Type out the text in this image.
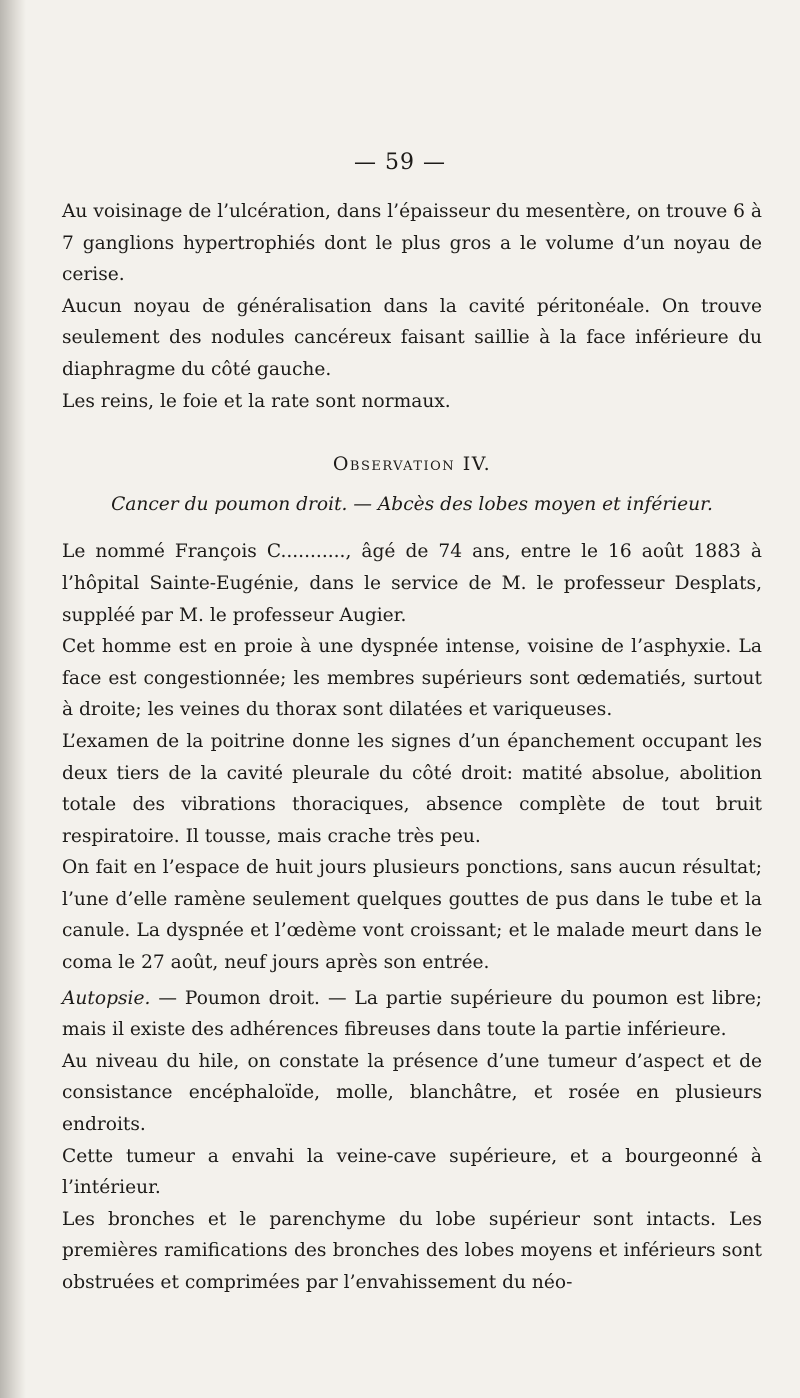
— 59 —

Au voisinage de l’ulcération, dans l’épaisseur du mesentère, on trouve 6 à 7 ganglions hypertrophiés dont le plus gros a le volume d’un noyau de cerise.

Aucun noyau de généralisation dans la cavité péritonéale. On trouve seulement des nodules cancéreux faisant saillie à la face inférieure du diaphragme du côté gauche.

Les reins, le foie et la rate sont normaux.

Observation IV.

Cancer du poumon droit. — Abcès des lobes moyen et inférieur.

Le nommé François C..........., âgé de 74 ans, entre le 16 août 1883 à l’hôpital Sainte-Eugénie, dans le service de M. le professeur Desplats, suppléé par M. le professeur Augier.

Cet homme est en proie à une dyspnée intense, voisine de l’asphyxie. La face est congestionnée; les membres supérieurs sont œdematiés, surtout à droite; les veines du thorax sont dilatées et variqueuses.

L’examen de la poitrine donne les signes d’un épanchement occupant les deux tiers de la cavité pleurale du côté droit: matité absolue, abolition totale des vibrations thoraciques, absence complète de tout bruit respiratoire. Il tousse, mais crache très peu.

On fait en l’espace de huit jours plusieurs ponctions, sans aucun résultat; l’une d’elle ramène seulement quelques gouttes de pus dans le tube et la canule. La dyspnée et l’œdème vont croissant; et le malade meurt dans le coma le 27 août, neuf jours après son entrée.

Autopsie. — Poumon droit. — La partie supérieure du poumon est libre; mais il existe des adhérences fibreuses dans toute la partie inférieure.

Au niveau du hile, on constate la présence d’une tumeur d’aspect et de consistance encéphaloïde, molle, blanchâtre, et rosée en plusieurs endroits.

Cette tumeur a envahi la veine-cave supérieure, et a bourgeonné à l’intérieur.

Les bronches et le parenchyme du lobe supérieur sont intacts. Les premières ramifications des bronches des lobes moyens et inférieurs sont obstruées et comprimées par l’envahissement du néo-
